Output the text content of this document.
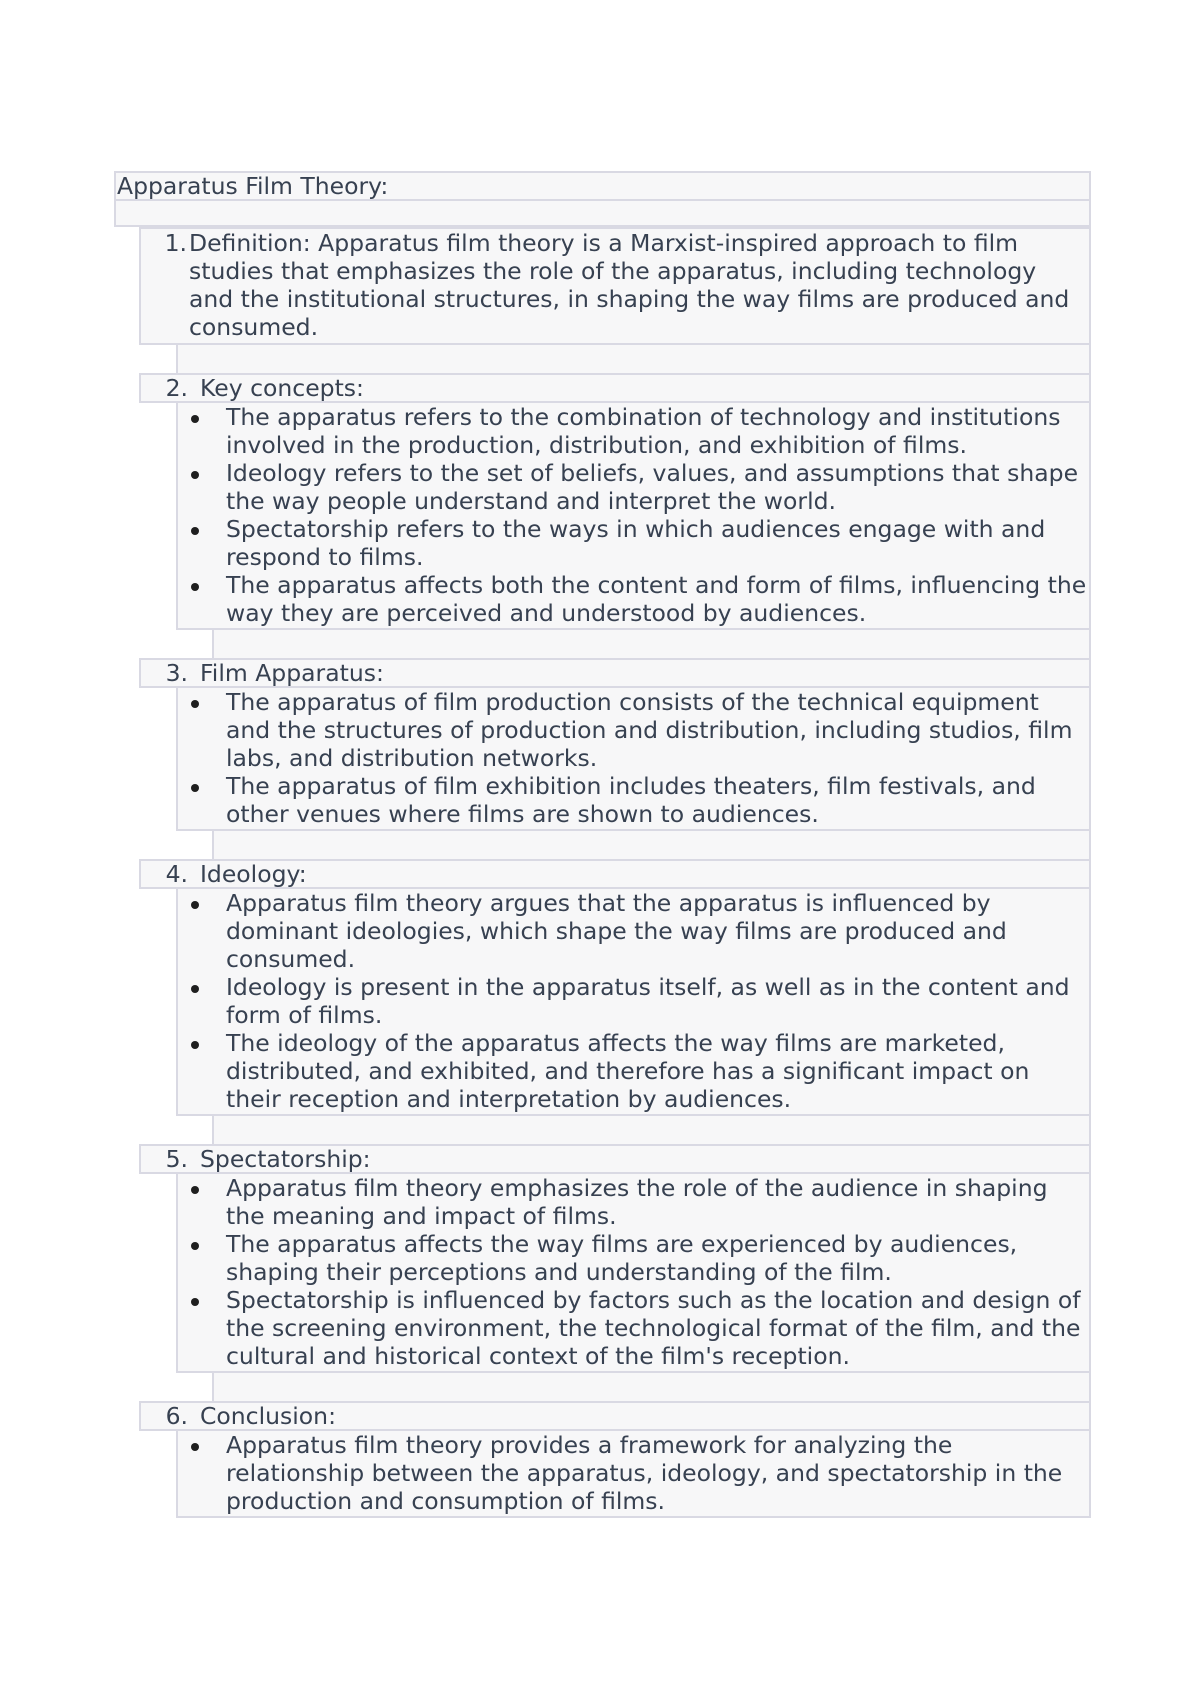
Apparatus Film Theory:
1. Definition: Apparatus film theory is a Marxist-inspired approach to film studies that emphasizes the role of the apparatus, including technology and the institutional structures, in shaping the way films are produced and consumed.
2. Key concepts:
The apparatus refers to the combination of technology and institutions involved in the production, distribution, and exhibition of films.
Ideology refers to the set of beliefs, values, and assumptions that shape the way people understand and interpret the world.
Spectatorship refers to the ways in which audiences engage with and respond to films.
The apparatus affects both the content and form of films, influencing the way they are perceived and understood by audiences.
3. Film Apparatus:
The apparatus of film production consists of the technical equipment and the structures of production and distribution, including studios, film labs, and distribution networks.
The apparatus of film exhibition includes theaters, film festivals, and other venues where films are shown to audiences.
4. Ideology:
Apparatus film theory argues that the apparatus is influenced by dominant ideologies, which shape the way films are produced and consumed.
Ideology is present in the apparatus itself, as well as in the content and form of films.
The ideology of the apparatus affects the way films are marketed, distributed, and exhibited, and therefore has a significant impact on their reception and interpretation by audiences.
5. Spectatorship:
Apparatus film theory emphasizes the role of the audience in shaping the meaning and impact of films.
The apparatus affects the way films are experienced by audiences, shaping their perceptions and understanding of the film.
Spectatorship is influenced by factors such as the location and design of the screening environment, the technological format of the film, and the cultural and historical context of the film's reception.
6. Conclusion:
Apparatus film theory provides a framework for analyzing the relationship between the apparatus, ideology, and spectatorship in the production and consumption of films.
